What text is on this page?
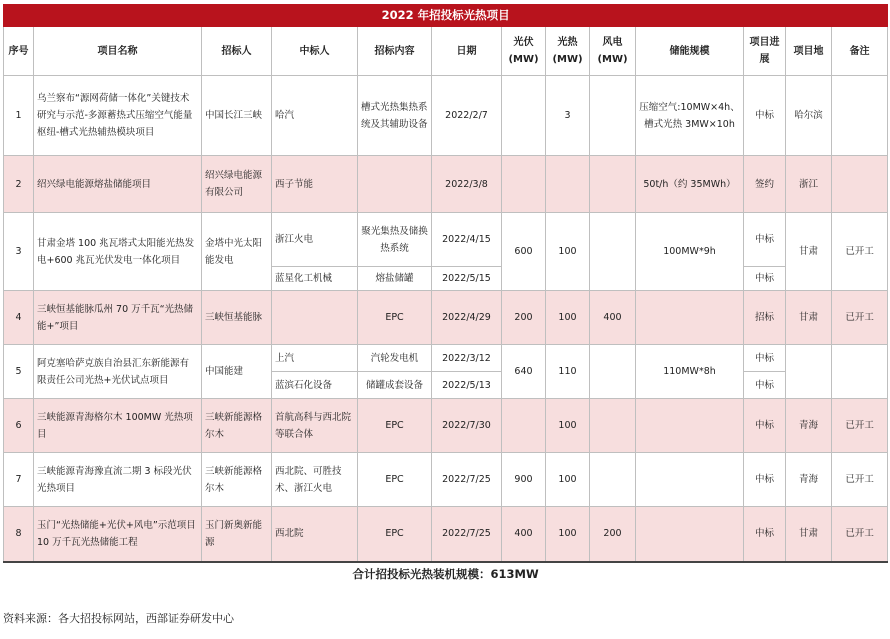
2022 年招投标光热项目												
序号	项目名称	招标人	中标人	招标内容	日期	光伏 (MW)	光热 (MW)	风电 (MW)	储能规模	项目进展	项目地	备注
1	乌兰察布“源网荷储一体化”关键技术研究与示范-多源蓄热式压缩空气能量枢纽-槽式光热辅热模块项目	中国长江三峡	哈汽	槽式光热集热系统及其辅助设备	2022/2/7		3		压缩空气:10MW×4h、槽式光热 3MW×10h	中标	哈尔滨	
2	绍兴绿电能源熔盐储能项目	绍兴绿电能源有限公司	西子节能		2022/3/8				50t/h（约 35MWh）	签约	浙江	
3	甘肃金塔 100 兆瓦塔式太阳能光热发电+600 兆瓦光伏发电一体化项目	金塔中光太阳能发电	浙江火电	聚光集热及储换热系统	2022/4/15	600	100		100MW*9h	中标	甘肃	已开工
			蓝星化工机械	熔盐储罐	2022/5/15					中标		
4	三峡恒基能脉瓜州 70 万千瓦“光热储能+”项目	三峡恒基能脉		EPC	2022/4/29	200	100	400		招标	甘肃	已开工
5	阿克塞哈萨克族自治县汇东新能源有限责任公司光热+光伏试点项目	中国能建	上汽	汽轮发电机	2022/3/12	640	110		110MW*8h	中标		
			蓝滨石化设备	储罐成套设备	2022/5/13					中标		
6	三峡能源青海格尔木 100MW 光热项目	三峡新能源格尔木	首航高科与西北院等联合体	EPC	2022/7/30		100			中标	青海	已开工
7	三峡能源青海豫直流二期 3 标段光伏光热项目	三峡新能源格尔木	西北院、可胜技术、浙江火电	EPC	2022/7/25	900	100			中标	青海	已开工
8	玉门“光热储能+光伏+风电”示范项目 10 万千瓦光热储能工程	玉门新奥新能源	西北院	EPC	2022/7/25	400	100	200		中标	甘肃	已开工
合计招投标光热装机规模：613MW												
资料来源：各大招投标网站，西部证券研发中心
